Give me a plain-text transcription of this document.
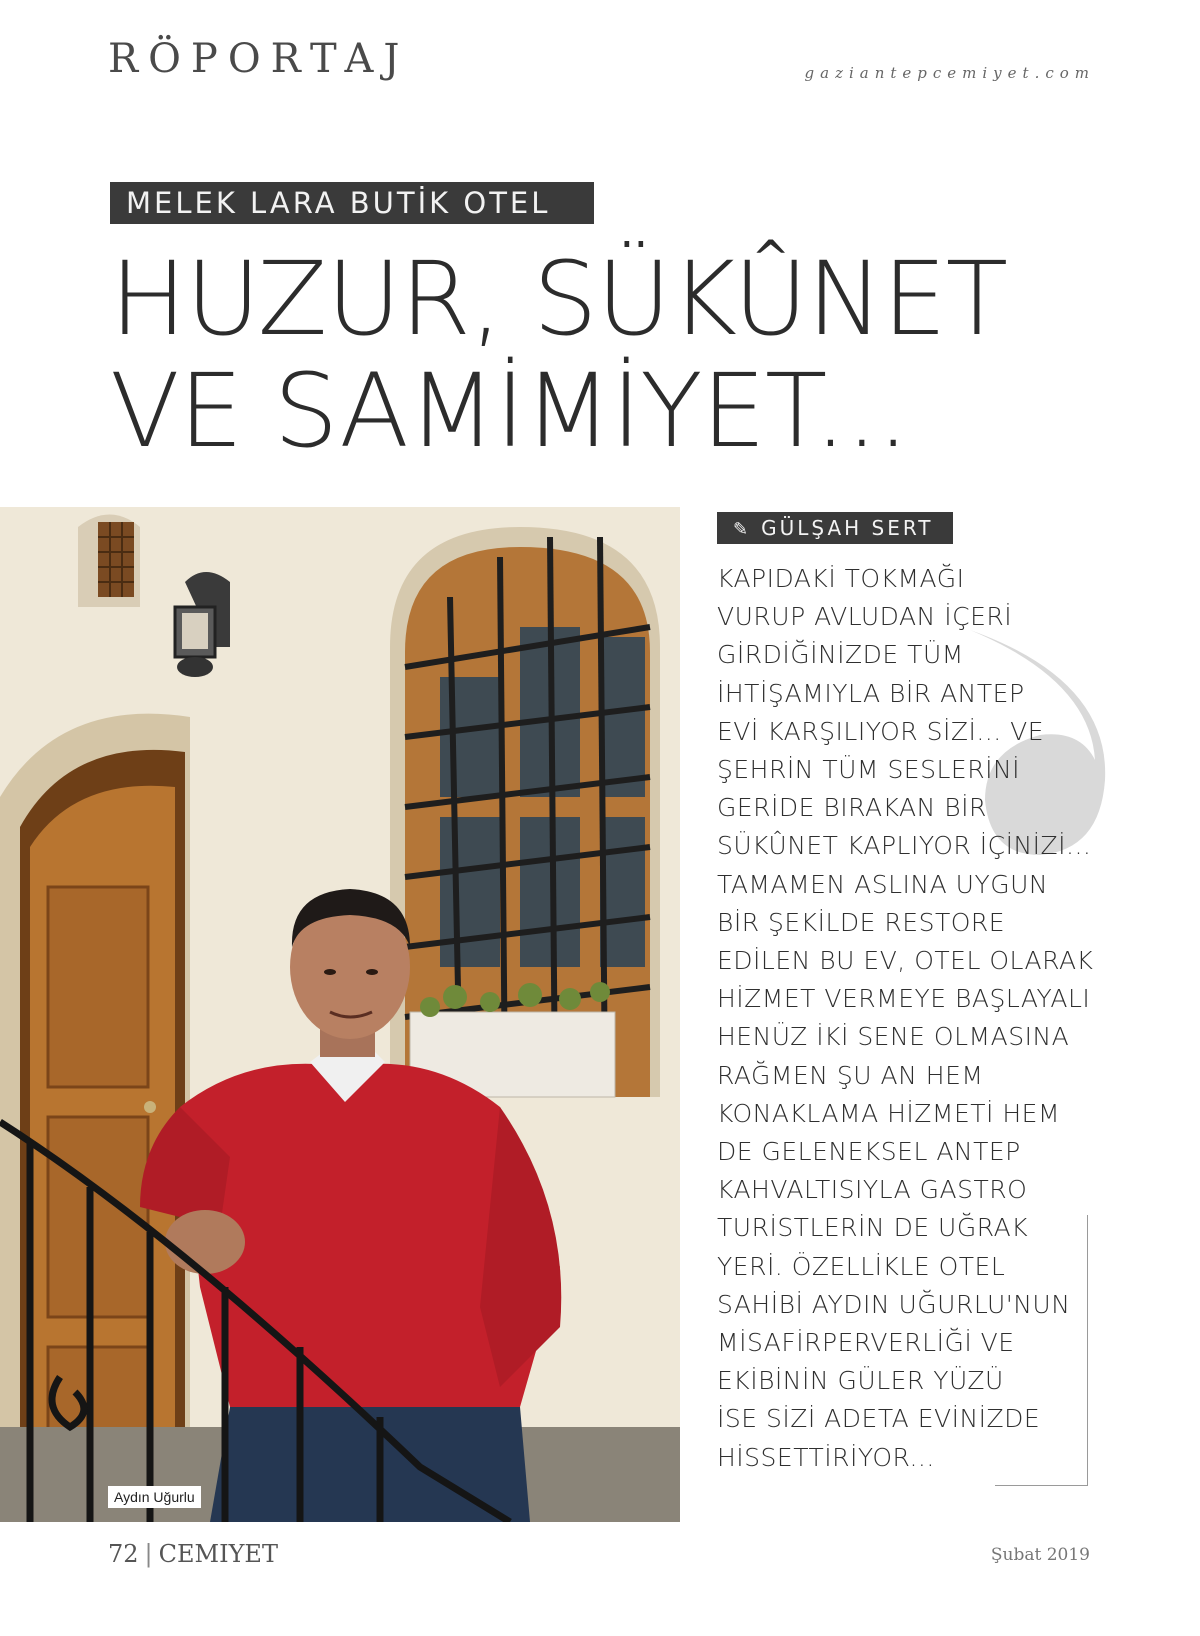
RÖPORTAJ	gaziantepcemiyet.com
MELEK LARA BUTİK OTEL
HUZUR, SÜKÛNET
VE SAMİMİYET...
Aydın Uğurlu
✎ GÜLŞAH SERT

KAPIDAKİ TOKMAĞI
VURUP AVLUDAN İÇERİ
GİRDİĞİNİZDE TÜM
İHTİŞAMIYLA BİR ANTEP
EVİ KARŞILIYOR SİZİ... VE
ŞEHRİN TÜM SESLERİNİ
GERİDE BIRAKAN BİR
SÜKÛNET KAPLIYOR İÇİNİZİ...
TAMAMEN ASLINA UYGUN
BİR ŞEKİLDE RESTORE
EDİLEN BU EV, OTEL OLARAK
HİZMET VERMEYE BAŞLAYALI
HENÜZ İKİ SENE OLMASINA
RAĞMEN ŞU AN HEM
KONAKLAMA HİZMETİ HEM
DE GELENEKSEL ANTEP
KAHVALTISIYLA GASTRO
TURİSTLERİN DE UĞRAK
YERİ. ÖZELLİKLE OTEL
SAHİBİ AYDIN UĞURLU'NUN
MİSAFİRPERVERLİĞİ VE
EKİBİNİN GÜLER YÜZÜ
İSE SİZİ ADETA EVİNİZDE
HİSSETTİRİYOR...

72 | CEMIYET	Şubat 2019
